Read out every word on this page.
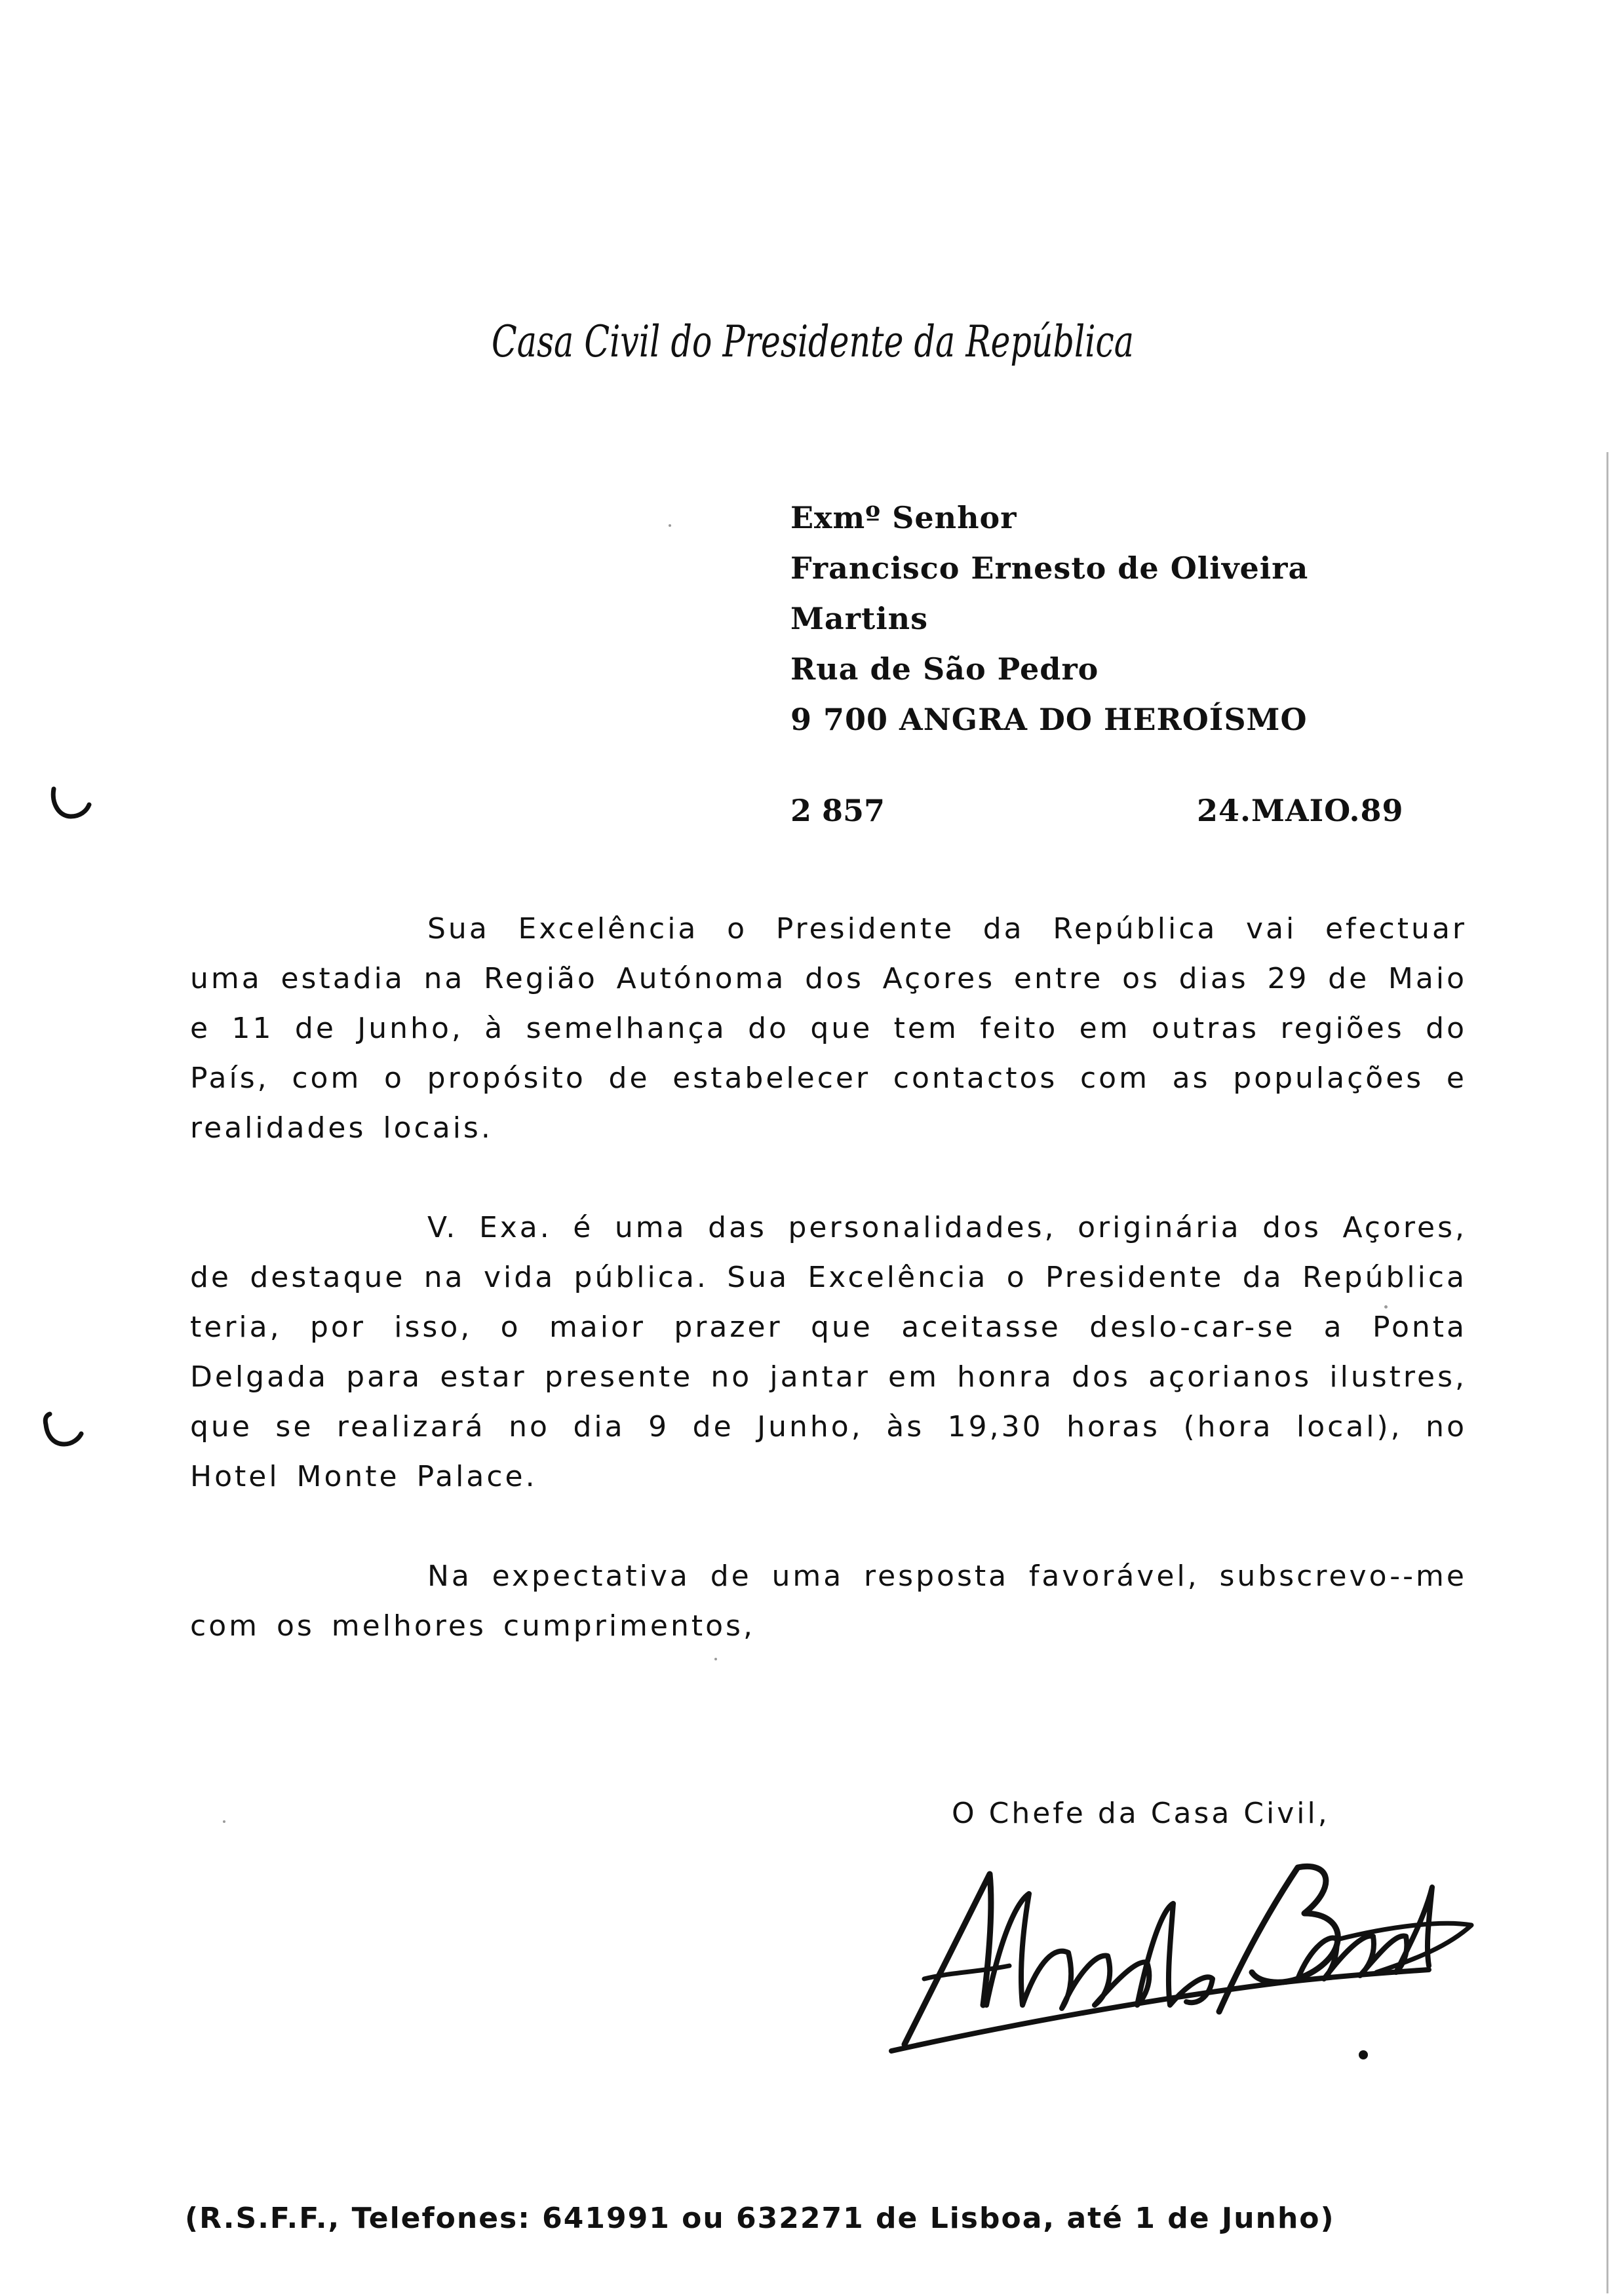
Casa Civil do Presidente da República
Exmº Senhor
Francisco Ernesto de Oliveira
Martins
Rua de São Pedro
9 700 ANGRA DO HEROÍSMO
2 857	24.MAIO.89
Sua Excelência o Presidente da República vai efectuar uma estadia na Região Autónoma dos Açores entre os dias 29 de Maio e 11 de Junho, à semelhança do que tem feito em outras regiões do País, com o propósito de estabelecer contactos com as populações e realidades locais.
V. Exa. é uma das personalidades, originária dos Açores, de destaque na vida pública. Sua Excelência o Presidente da República teria, por isso, o maior prazer que aceitasse deslo-car-se a Ponta Delgada para estar presente no jantar em honra dos açorianos ilustres, que se realizará no dia 9 de Junho, às 19,30 horas (hora local), no Hotel Monte Palace.
Na expectativa de uma resposta favorável, subscrevo--me com os melhores cumprimentos,
O Chefe da Casa Civil,
(R.S.F.F., Telefones: 641991 ou 632271 de Lisboa, até 1 de Junho)
